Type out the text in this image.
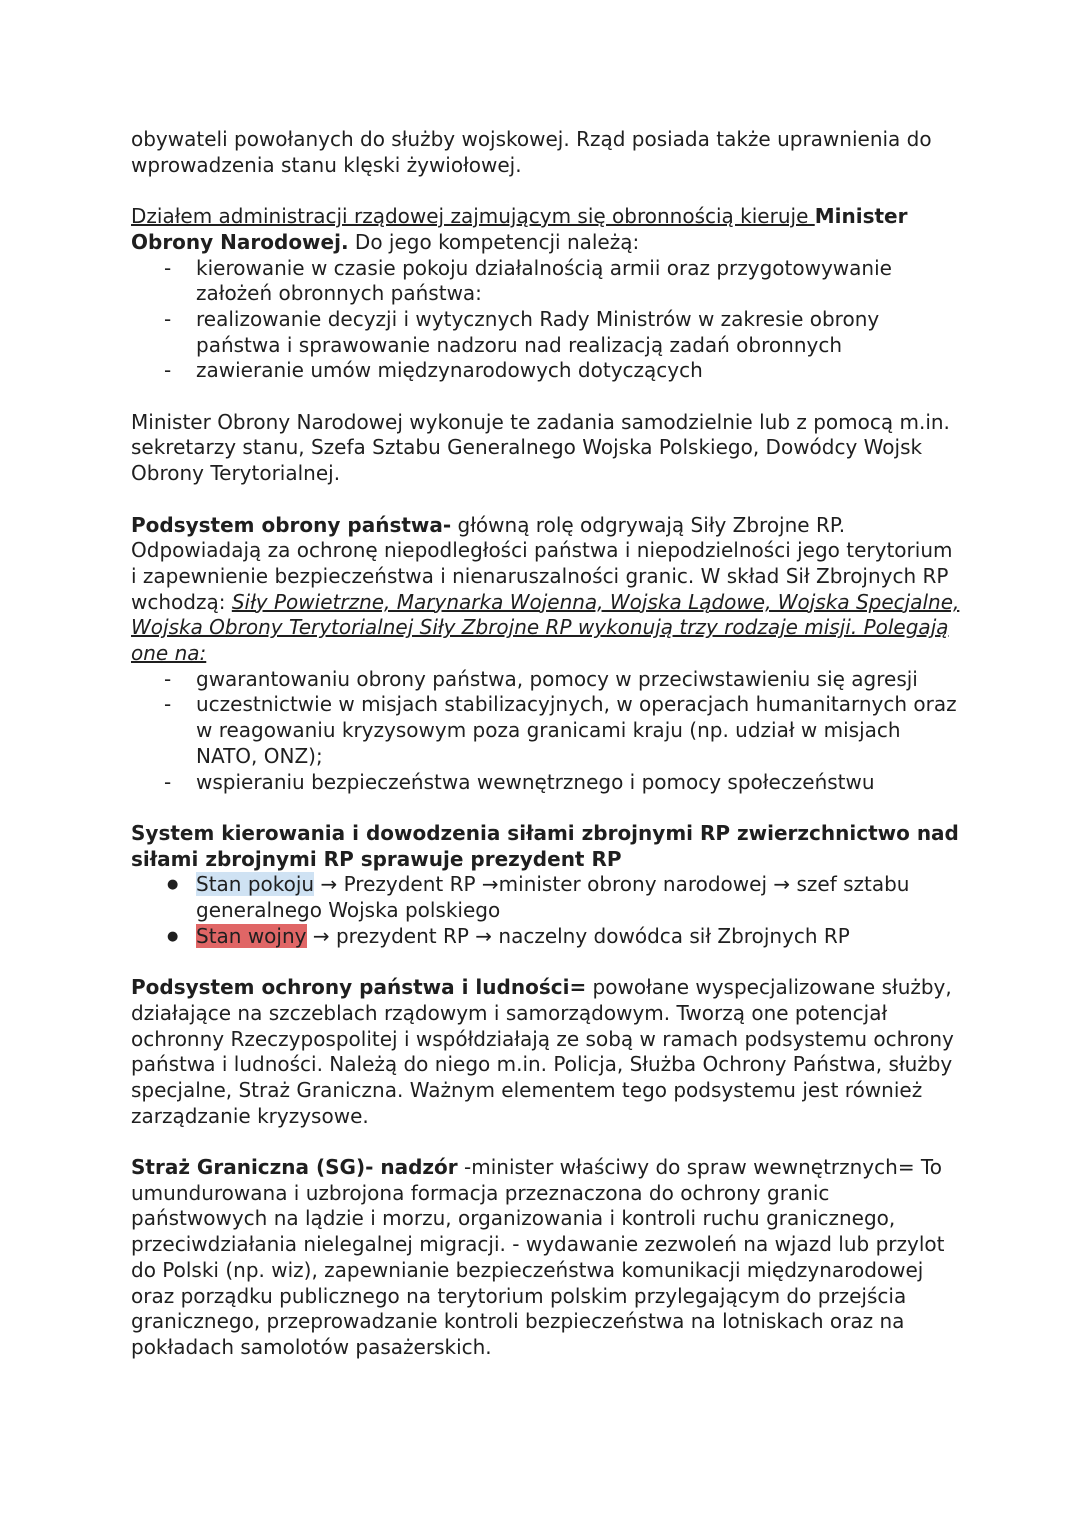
obywateli powołanych do służby wojskowej. Rząd posiada także uprawnienia do wprowadzenia stanu klęski żywiołowej.

Działem administracji rządowej zajmującym się obronnością kieruje Minister Obrony Narodowej. Do jego kompetencji należą:

- kierowanie w czasie pokoju działalnością armii oraz przygotowywanie założeń obronnych państwa:
- realizowanie decyzji i wytycznych Rady Ministrów w zakresie obrony państwa i sprawowanie nadzoru nad realizacją zadań obronnych
- zawieranie umów międzynarodowych dotyczących

Minister Obrony Narodowej wykonuje te zadania samodzielnie lub z pomocą m.in. sekretarzy stanu, Szefa Sztabu Generalnego Wojska Polskiego, Dowódcy Wojsk Obrony Terytorialnej.

Podsystem obrony państwa- główną rolę odgrywają Siły Zbrojne RP. Odpowiadają za ochronę niepodległości państwa i niepodzielności jego terytorium i zapewnienie bezpieczeństwa i nienaruszalności granic. W skład Sił Zbrojnych RP wchodzą: Siły Powietrzne, Marynarka Wojenna, Wojska Lądowe, Wojska Specjalne, Wojska Obrony Terytorialnej Siły Zbrojne RP wykonują trzy rodzaje misji. Polegają one na:

- gwarantowaniu obrony państwa, pomocy w przeciwstawieniu się agresji
- uczestnictwie w misjach stabilizacyjnych, w operacjach humanitarnych oraz w reagowaniu kryzysowym poza granicami kraju (np. udział w misjach NATO, ONZ);
- wspieraniu bezpieczeństwa wewnętrznego i pomocy społeczeństwu

System kierowania i dowodzenia siłami zbrojnymi RP zwierzchnictwo nad siłami zbrojnymi RP sprawuje prezydent RP

● Stan pokoju → Prezydent RP →minister obrony narodowej → szef sztabu generalnego Wojska polskiego
● Stan wojny → prezydent RP → naczelny dowódca sił Zbrojnych RP

Podsystem ochrony państwa i ludności= powołane wyspecjalizowane służby, działające na szczeblach rządowym i samorządowym. Tworzą one potencjał ochronny Rzeczypospolitej i współdziałają ze sobą w ramach podsystemu ochrony państwa i ludności. Należą do niego m.in. Policja, Służba Ochrony Państwa, służby specjalne, Straż Graniczna. Ważnym elementem tego podsystemu jest również zarządzanie kryzysowe.

Straż Graniczna (SG)- nadzór -minister właściwy do spraw wewnętrznych= To umundurowana i uzbrojona formacja przeznaczona do ochrony granic państwowych na lądzie i morzu, organizowania i kontroli ruchu granicznego, przeciwdziałania nielegalnej migracji. - wydawanie zezwoleń na wjazd lub przylot do Polski (np. wiz), zapewnianie bezpieczeństwa komunikacji międzynarodowej oraz porządku publicznego na terytorium polskim przylegającym do przejścia granicznego, przeprowadzanie kontroli bezpieczeństwa na lotniskach oraz na pokładach samolotów pasażerskich.
